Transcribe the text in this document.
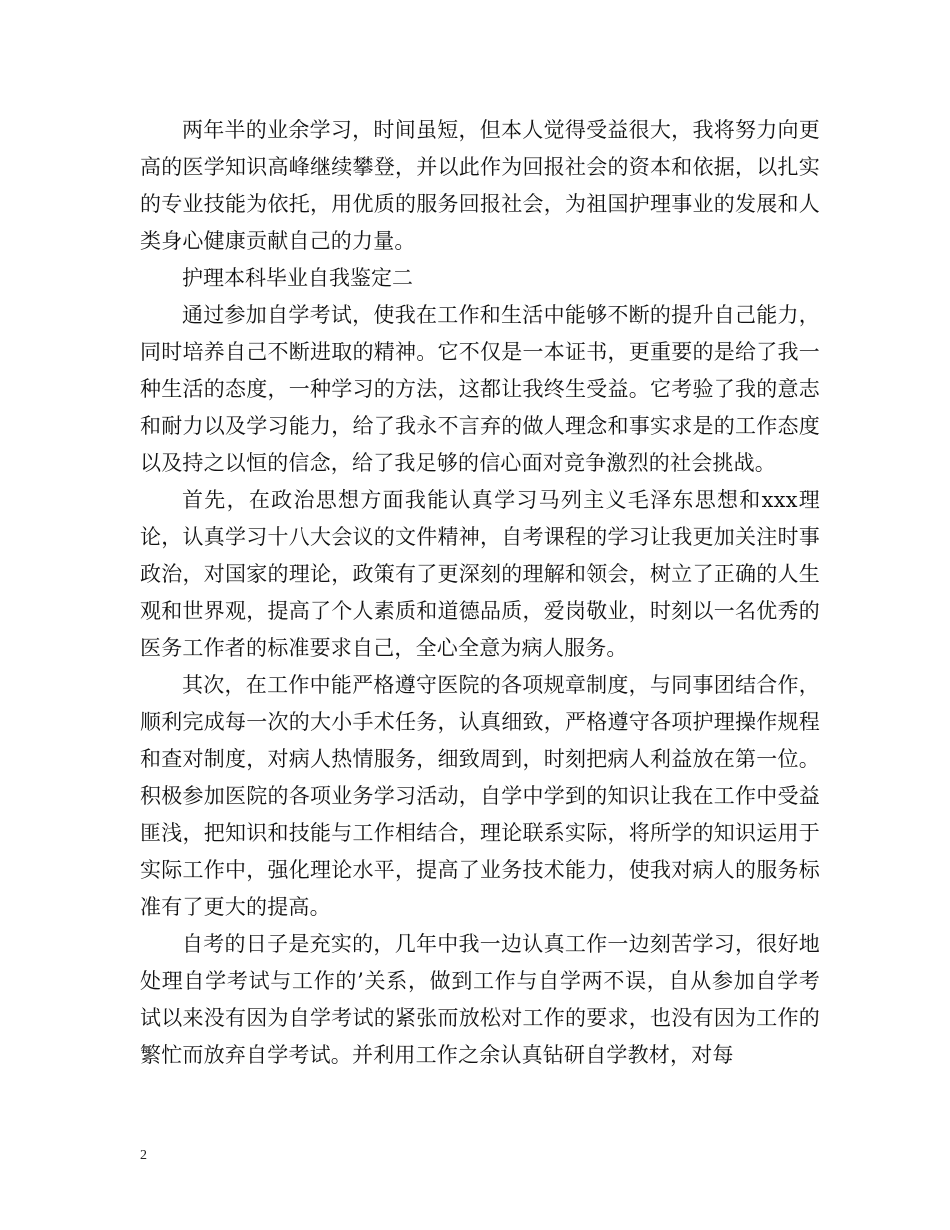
两年半的业余学习，时间虽短，但本人觉得受益很大，我将努力向更高的医学知识高峰继续攀登，并以此作为回报社会的资本和依据，以扎实的专业技能为依托，用优质的服务回报社会，为祖国护理事业的发展和人类身心健康贡献自己的力量。

护理本科毕业自我鉴定二

通过参加自学考试，使我在工作和生活中能够不断的提升自己能力，同时培养自己不断进取的精神。它不仅是一本证书，更重要的是给了我一种生活的态度，一种学习的方法，这都让我终生受益。它考验了我的意志和耐力以及学习能力，给了我永不言弃的做人理念和事实求是的工作态度以及持之以恒的信念，给了我足够的信心面对竞争激烈的社会挑战。

首先，在政治思想方面我能认真学习马列主义毛泽东思想和xxx理论，认真学习十八大会议的文件精神，自考课程的学习让我更加关注时事政治，对国家的理论，政策有了更深刻的理解和领会，树立了正确的人生观和世界观，提高了个人素质和道德品质，爱岗敬业，时刻以一名优秀的医务工作者的标准要求自己，全心全意为病人服务。

其次，在工作中能严格遵守医院的各项规章制度，与同事团结合作，顺利完成每一次的大小手术任务，认真细致，严格遵守各项护理操作规程和查对制度，对病人热情服务，细致周到，时刻把病人利益放在第一位。积极参加医院的各项业务学习活动，自学中学到的知识让我在工作中受益匪浅，把知识和技能与工作相结合，理论联系实际，将所学的知识运用于实际工作中，强化理论水平，提高了业务技术能力，使我对病人的服务标准有了更大的提高。

自考的日子是充实的，几年中我一边认真工作一边刻苦学习，很好地处理自学考试与工作的’关系，做到工作与自学两不误，自从参加自学考试以来没有因为自学考试的紧张而放松对工作的要求，也没有因为工作的繁忙而放弃自学考试。并利用工作之余认真钻研自学教材，对每

2
